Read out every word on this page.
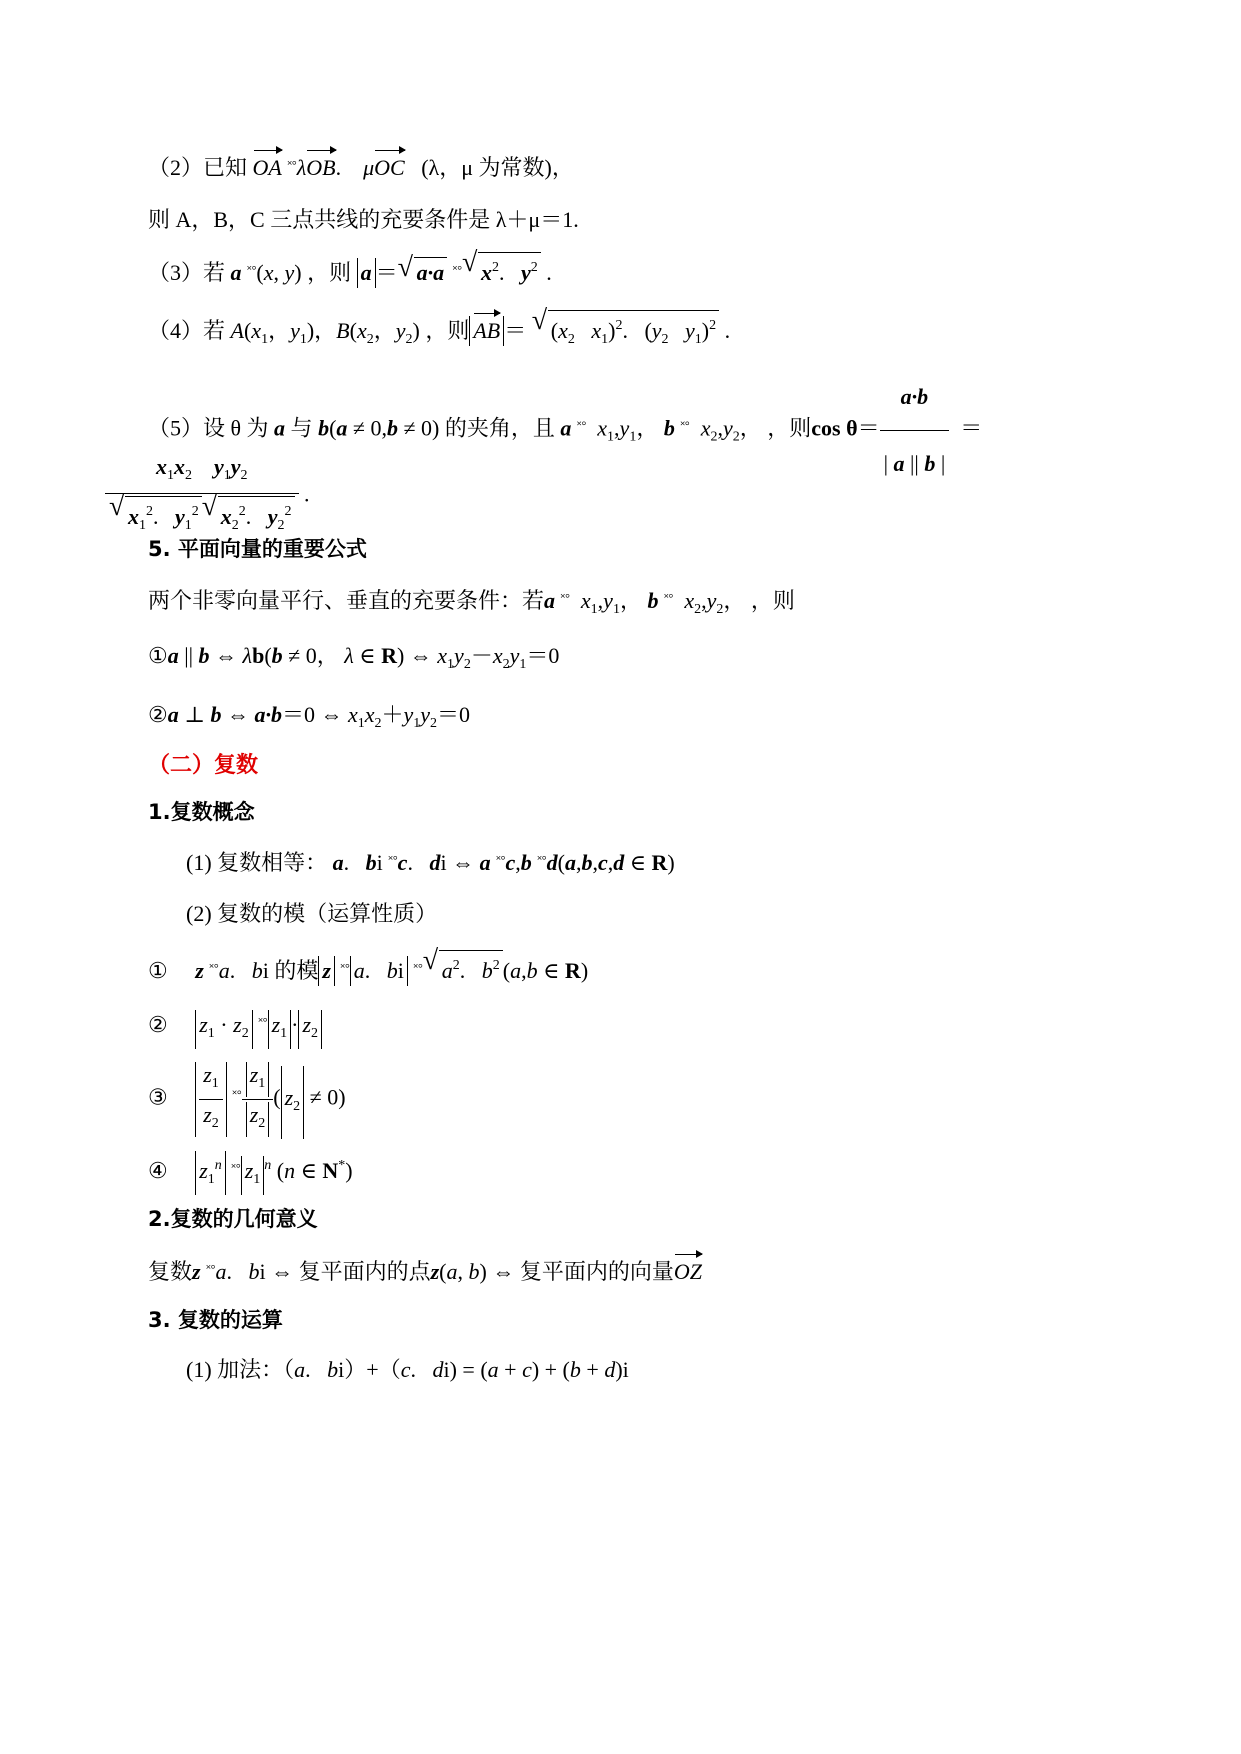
（2）已知 OA ˟°λOB.    μOC (λ，μ 为常数)，
则 A，B，C 三点共线的充要条件是 λ＋μ＝1.
（3）若 a ˟°(x, y) ，则 a ＝ √ a·a ˟° √ $x^2$.   $y^2$ .
（4）若 $A(x_1$，$y_1$)，$B(x_2$，$y_2$) ，则 AB ＝ √ ($x_2$ $x_1)^2$.   ($y_2$ $y_1)^2$ .
（5）设 θ 为 a 与 b(a ≠ 0,b ≠ 0) 的夹角，且 a ˟° $x_1,y_1$， b ˟° $x_2,y_2$， ，则$\cos \theta= \frac{a\cdot b}{| a || b |}$ ＝
$\frac{x_1x_2 y_1y_2}{√ x_1^2. y_1^2 √ x_2^2. y_2^2}$ .
5. 平面向量的重要公式
两个非零向量平行、垂直的充要条件：若a ˟° $x_1,y_1$， b ˟° $x_2,y_2$， ，则
①a || b ⇔ λb(b ≠ 0， λ ∈ R) ⇔ $x_1y_2-x_2y_1=0$
②a ⊥ b ⇔ a·b＝0 ⇔ $x_1x_2+y_1y_2=0$
（二）复数
1.复数概念
(1) 复数相等： a.   bi ˟°c.   di ⇔ a ˟°c,b ˟°d(a,b,c,d ∈ R)
(2) 复数的模（运算性质）
① z ˟°a.   bi 的模 z ˟° a.   bi ˟° √ $a^2$.   $b^2$ (a,b ∈ R)
② $z_1 \cdot z_2$ ˟° $z_1 \cdot z_2$
③ $\frac{z_1}{z_2} ^{˟^\circ} \frac{z_1}{z_2}$ ( $z_2 \ne 0$)
④ $z_1^n$ ˟° $z_1^n$ (n ∈ N*)
2.复数的几何意义
复数z ˟°a.   bi ⇔ 复平面内的点z(a, b) ⇔ 复平面内的向量OZ
3. 复数的运算
(1) 加法：（a.   bi）+（c.   di) = (a + c) + (b + d)i
